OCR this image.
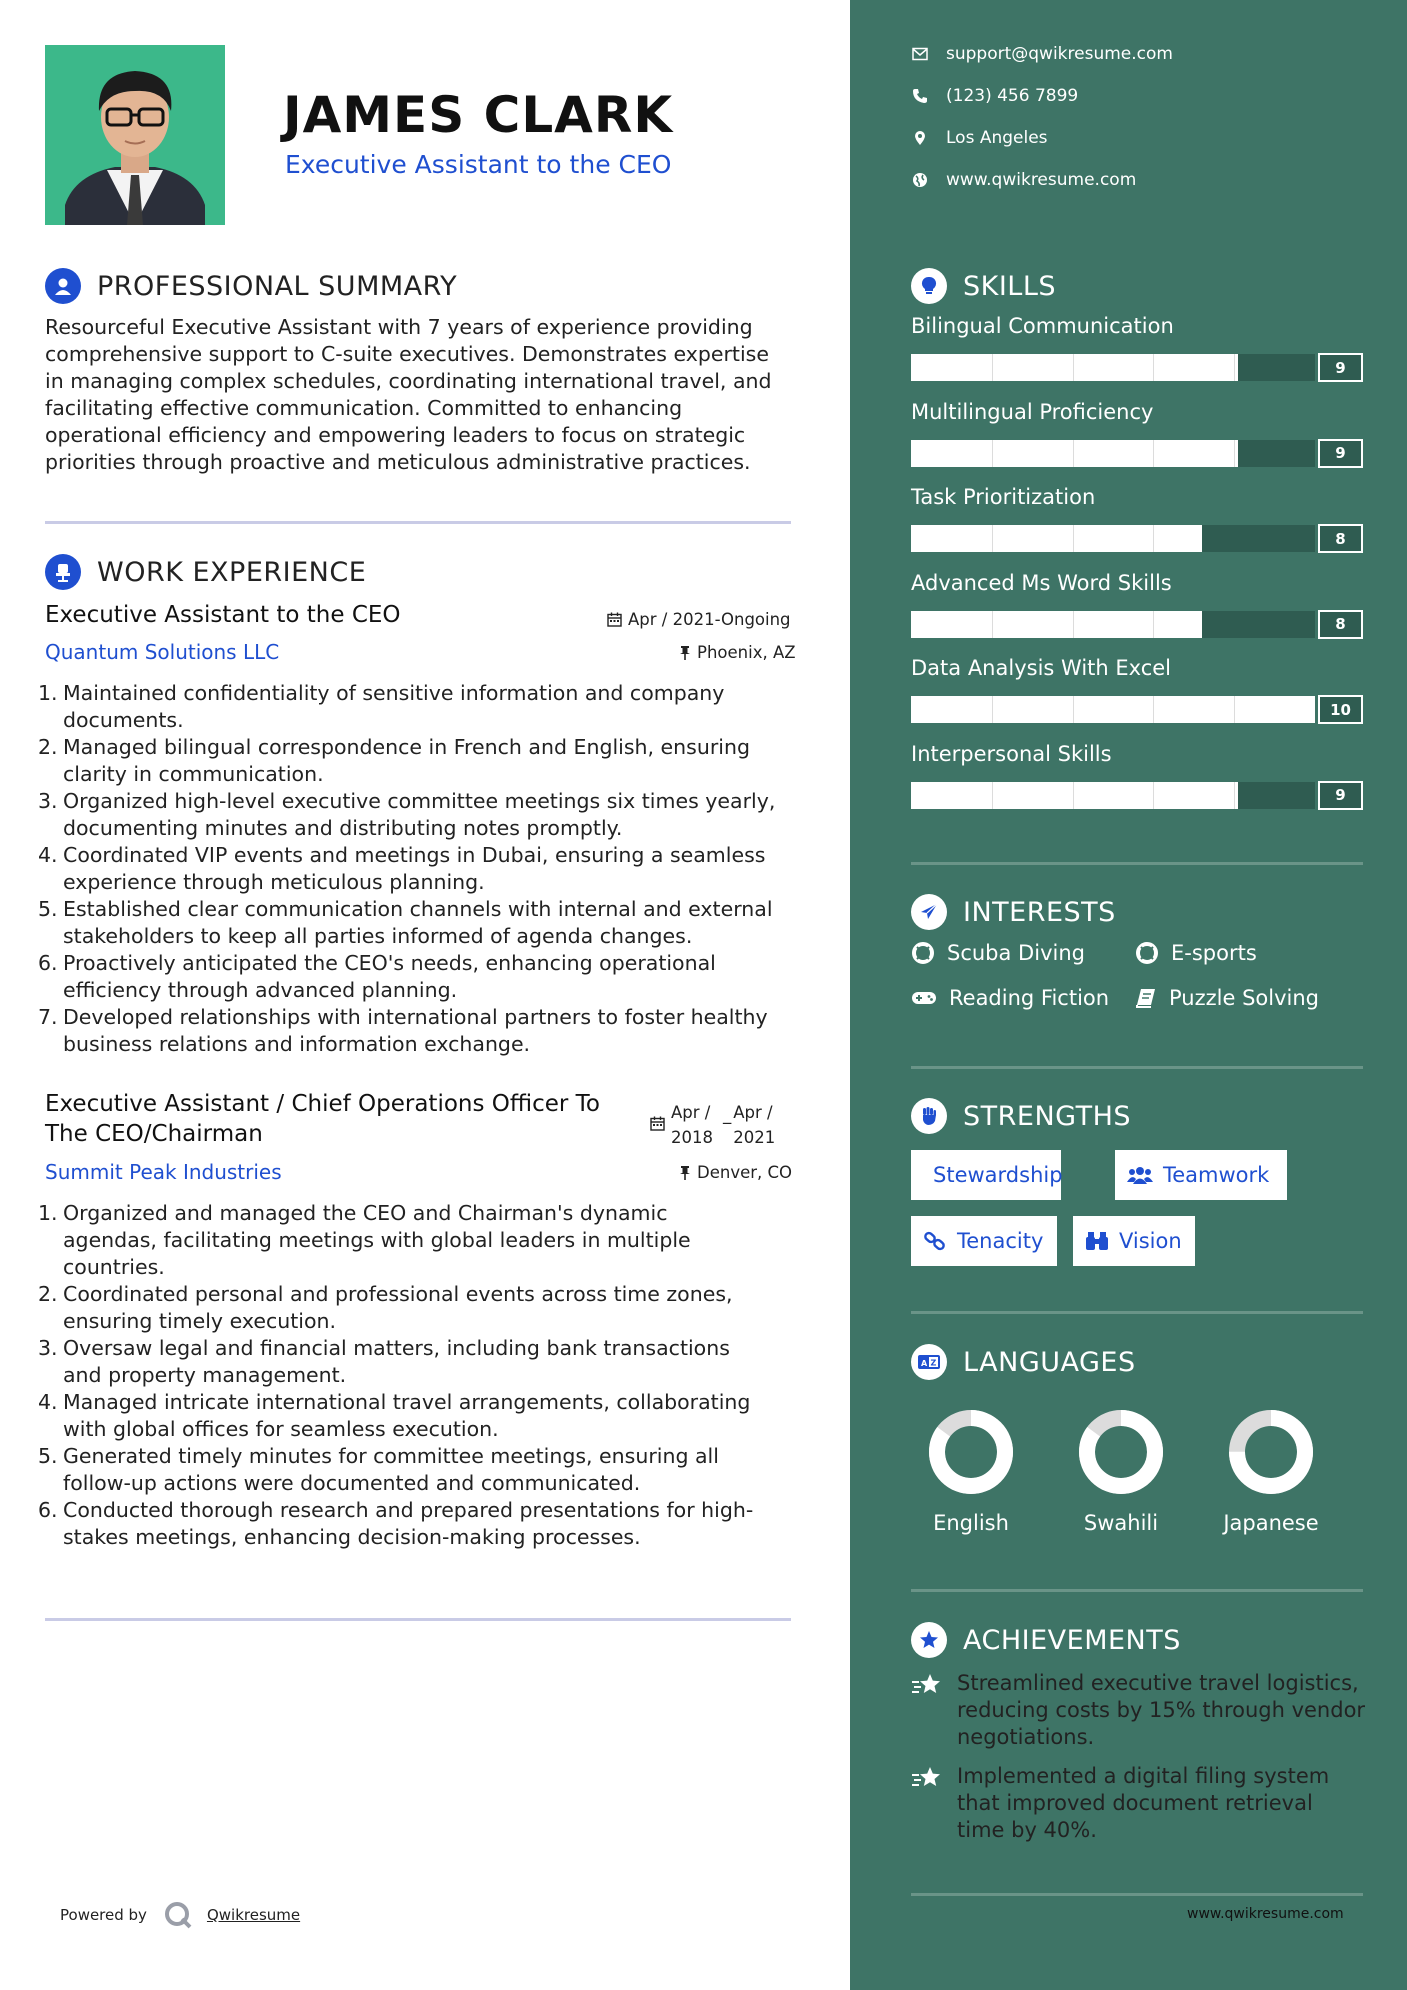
JAMES CLARK
Executive Assistant to the CEO
PROFESSIONAL SUMMARY
Resourceful Executive Assistant with 7 years of experience providing
comprehensive support to C-suite executives. Demonstrates expertise
in managing complex schedules, coordinating international travel, and
facilitating effective communication. Committed to enhancing
operational efficiency and empowering leaders to focus on strategic
priorities through proactive and meticulous administrative practices.
WORK EXPERIENCE
Executive Assistant to the CEO	Apr / 2021-Ongoing
Quantum Solutions LLC	Phoenix, AZ
1. Maintained confidentiality of sensitive information and company
documents.
2. Managed bilingual correspondence in French and English, ensuring
clarity in communication.
3. Organized high-level executive committee meetings six times yearly,
documenting minutes and distributing notes promptly.
4. Coordinated VIP events and meetings in Dubai, ensuring a seamless
experience through meticulous planning.
5. Established clear communication channels with internal and external
stakeholders to keep all parties informed of agenda changes.
6. Proactively anticipated the CEO's needs, enhancing operational
efficiency through advanced planning.
7. Developed relationships with international partners to foster healthy
business relations and information exchange.
Executive Assistant / Chief Operations Officer To
The CEO/Chairman
Apr /
2018
_ Apr /
2021
Summit Peak Industries	Denver, CO
1. Organized and managed the CEO and Chairman's dynamic
agendas, facilitating meetings with global leaders in multiple
countries.
2. Coordinated personal and professional events across time zones,
ensuring timely execution.
3. Oversaw legal and financial matters, including bank transactions
and property management.
4. Managed intricate international travel arrangements, collaborating
with global offices for seamless execution.
5. Generated timely minutes for committee meetings, ensuring all
follow-up actions were documented and communicated.
6. Conducted thorough research and prepared presentations for high-
stakes meetings, enhancing decision-making processes.
Powered by	Qwikresume
support@qwikresume.com
(123) 456 7899
Los Angeles
www.qwikresume.com
SKILLS
Bilingual Communication
9
Multilingual Proficiency
9
Task Prioritization
8
Advanced Ms Word Skills
8
Data Analysis With Excel
10
Interpersonal Skills
9
INTERESTS
Scuba Diving	E-sports
Reading Fiction	Puzzle Solving
STRENGTHS
Stewardship	Teamwork
Tenacity	Vision
A Z LANGUAGES
English	Swahili	Japanese
ACHIEVEMENTS
Streamlined executive travel logistics,
reducing costs by 15% through vendor
negotiations.
Implemented a digital filing system
that improved document retrieval
time by 40%.
www.qwikresume.com
